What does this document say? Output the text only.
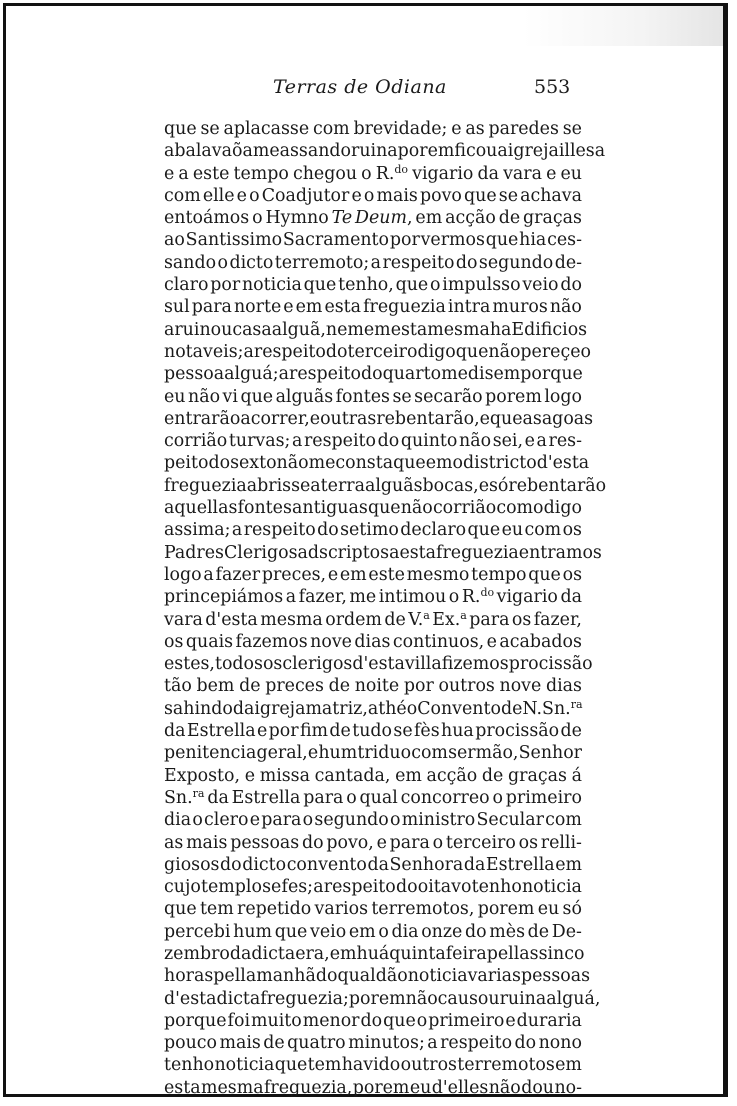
Terras de Odiana	553
que se aplacasse com brevidade; e as paredes se
abalavaõ ameassando ruina porem ficou a igreja illesa
e a este tempo chegou o R.$^{do}$ vigario da vara e eu
com elle e o Coadjutor e o mais povo que se achava
entoámos o Hymno Te Deum, em acção de graças
ao Santissimo Sacramento por vermos que hia ces-
sando o dicto terremoto; a respeito do segundo de-
claro por noticia que tenho, que o impulsso veio do
sul para norte e em esta freguezia intra muros não
aruinou casa alguã, nem em esta mesma ha Edificios
notaveis; a respeito do terceiro digo que não pereçeo
pessoa alguá; a respeito do quarto me disem porque
eu não vi que alguãs fontes se secarão porem logo
entrarão a correr, e outras rebentarão, e que as agoas
corrião turvas; a respeito do quinto não sei, e a res-
peito do sexto não me consta que em o districto d'esta
freguezia abrisse a terra alguãs bocas, e só rebentarão
aquellas fontes antiguas que não corrião como digo
assima; a respeito do setimo declaro que eu com os
Padres Clerigos adscriptos a esta freguezia entramos
logo a fazer preces, e em este mesmo tempo que os
princepiámos a fazer, me intimou o R.$^{do}$ vigario da
vara d'esta mesma ordem de V.$^a$ Ex.$^a$ para os fazer,
os quais fazemos nove dias continuos, e acabados
estes, todos os clerigos d'esta villa fizemos procissão
tão bem de preces de noite por outros nove dias
sahindo da igreja matriz, athé o Convento de N. Sn.$^{ra}$
da Estrella e por fim de tudo se fès hua procissão de
penitencia geral, e hum triduo com sermão, Senhor
Exposto, e missa cantada, em acção de graças á
Sn.$^{ra}$ da Estrella para o qual concorreo o primeiro
dia o clero e para o segundo o ministro Secular com
as mais pessoas do povo, e para o terceiro os relli-
giosos do dicto convento da Senhora da Estrella em
cujo templo se fes; a respeito do oitavo tenho noticia
que tem repetido varios terremotos, porem eu só
percebi hum que veio em o dia onze do mès de De-
zembro da dicta era, em huá quinta feira pellas sinco
horas pella manhã do qual dão noticia varias pessoas
d'esta dicta freguezia; porem não causou ruina alguá,
porque foi muito menor do que o primeiro e duraria
pouco mais de quatro minutos; a respeito do nono
tenho noticia que tem havido outros terremotos em
esta mesma freguezia, porem eu d'elles não dou no-
